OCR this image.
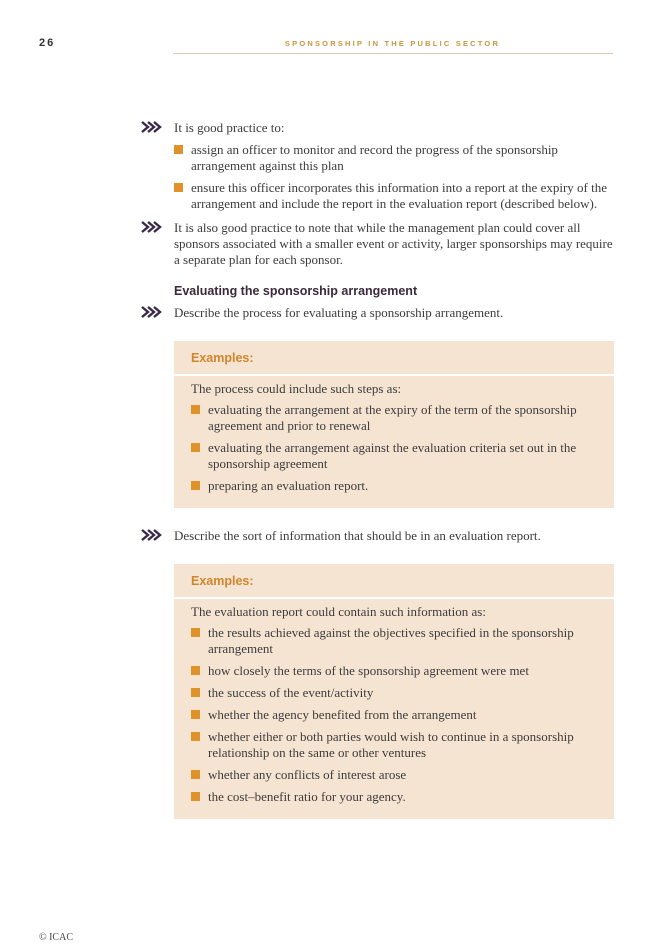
26	SPONSORSHIP IN THE PUBLIC SECTOR
It is good practice to:
assign an officer to monitor and record the progress of the sponsorship arrangement against this plan
ensure this officer incorporates this information into a report at the expiry of the arrangement and include the report in the evaluation report (described below).
It is also good practice to note that while the management plan could cover all sponsors associated with a smaller event or activity, larger sponsorships may require a separate plan for each sponsor.
Evaluating the sponsorship arrangement
Describe the process for evaluating a sponsorship arrangement.
Examples:
The process could include such steps as:
evaluating the arrangement at the expiry of the term of the sponsorship agreement and prior to renewal
evaluating the arrangement against the evaluation criteria set out in the sponsorship agreement
preparing an evaluation report.
Describe the sort of information that should be in an evaluation report.
Examples:
The evaluation report could contain such information as:
the results achieved against the objectives specified in the sponsorship arrangement
how closely the terms of the sponsorship agreement were met
the success of the event/activity
whether the agency benefited from the arrangement
whether either or both parties would wish to continue in a sponsorship relationship on the same or other ventures
whether any conflicts of interest arose
the cost–benefit ratio for your agency.
© ICAC
